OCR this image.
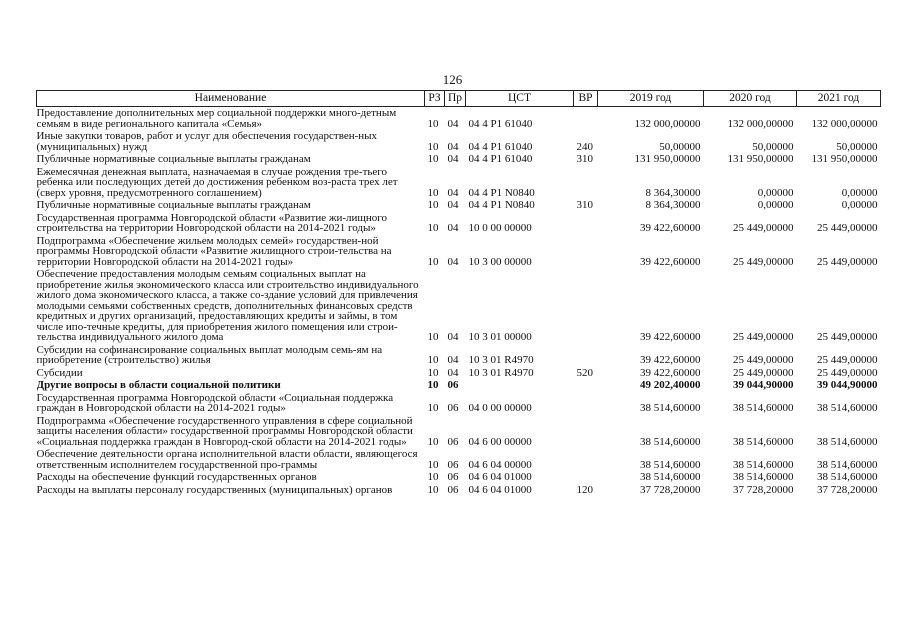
126
Наименование	РЗ	Пр	ЦСТ	ВР	2019 год	2020 год	2021 год
Предоставление дополнительных мер социальной поддержки много-детным семьям в виде регионального капитала «Семья»	10	04	04 4 P1 61040		132 000,00000	132 000,00000	132 000,00000
Иные закупки товаров, работ и услуг для обеспечения государствен-ных (муниципальных) нужд	10	04	04 4 P1 61040	240	50,00000	50,00000	50,00000
Публичные нормативные социальные выплаты гражданам	10	04	04 4 P1 61040	310	131 950,00000	131 950,00000	131 950,00000
Ежемесячная денежная выплата, назначаемая в случае рождения тре-тьего ребенка или последующих детей до достижения ребенком воз-раста трех лет (сверх уровня, предусмотренного соглашением)	10	04	04 4 P1 N0840		8 364,30000	0,00000	0,00000
Публичные нормативные социальные выплаты гражданам	10	04	04 4 P1 N0840	310	8 364,30000	0,00000	0,00000
Государственная программа Новгородской области «Развитие жи-лищного строительства на территории Новгородской области на 2014-2021 годы»	10	04	10 0 00 00000		39 422,60000	25 449,00000	25 449,00000
Подпрограмма «Обеспечение жильем молодых семей» государствен-ной программы Новгородской области «Развитие жилищного строи-тельства на территории Новгородской области на 2014-2021 годы»	10	04	10 3 00 00000		39 422,60000	25 449,00000	25 449,00000
Обеспечение предоставления молодым семьям социальных выплат на приобретение жилья экономического класса или строительство индивидуального жилого дома экономического класса, а также со-здание условий для привлечения молодыми семьями собственных средств, дополнительных финансовых средств кредитных и других организаций, предоставляющих кредиты и займы, в том числе ипо-течные кредиты, для приобретения жилого помещения или строи-тельства индивидуального жилого дома	10	04	10 3 01 00000		39 422,60000	25 449,00000	25 449,00000
Субсидии на софинансирование социальных выплат молодым семь-ям на приобретение (строительство) жилья	10	04	10 3 01 R4970		39 422,60000	25 449,00000	25 449,00000
Субсидии	10	04	10 3 01 R4970	520	39 422,60000	25 449,00000	25 449,00000
Другие вопросы в области социальной политики	10	06			49 202,40000	39 044,90000	39 044,90000
Государственная программа Новгородской области «Социальная поддержка граждан в Новгородской области на 2014-2021 годы»	10	06	04 0 00 00000		38 514,60000	38 514,60000	38 514,60000
Подпрограмма «Обеспечение государственного управления в сфере социальной защиты населения области» государственной программы Новгородской области «Социальная поддержка граждан в Новгород-ской области на 2014-2021 годы»	10	06	04 6 00 00000		38 514,60000	38 514,60000	38 514,60000
Обеспечение деятельности органа исполнительной власти области, являющегося ответственным исполнителем государственной про-граммы	10	06	04 6 04 00000		38 514,60000	38 514,60000	38 514,60000
Расходы на обеспечение функций государственных органов	10	06	04 6 04 01000		38 514,60000	38 514,60000	38 514,60000
Расходы на выплаты персоналу государственных (муниципальных) органов	10	06	04 6 04 01000	120	37 728,20000	37 728,20000	37 728,20000
